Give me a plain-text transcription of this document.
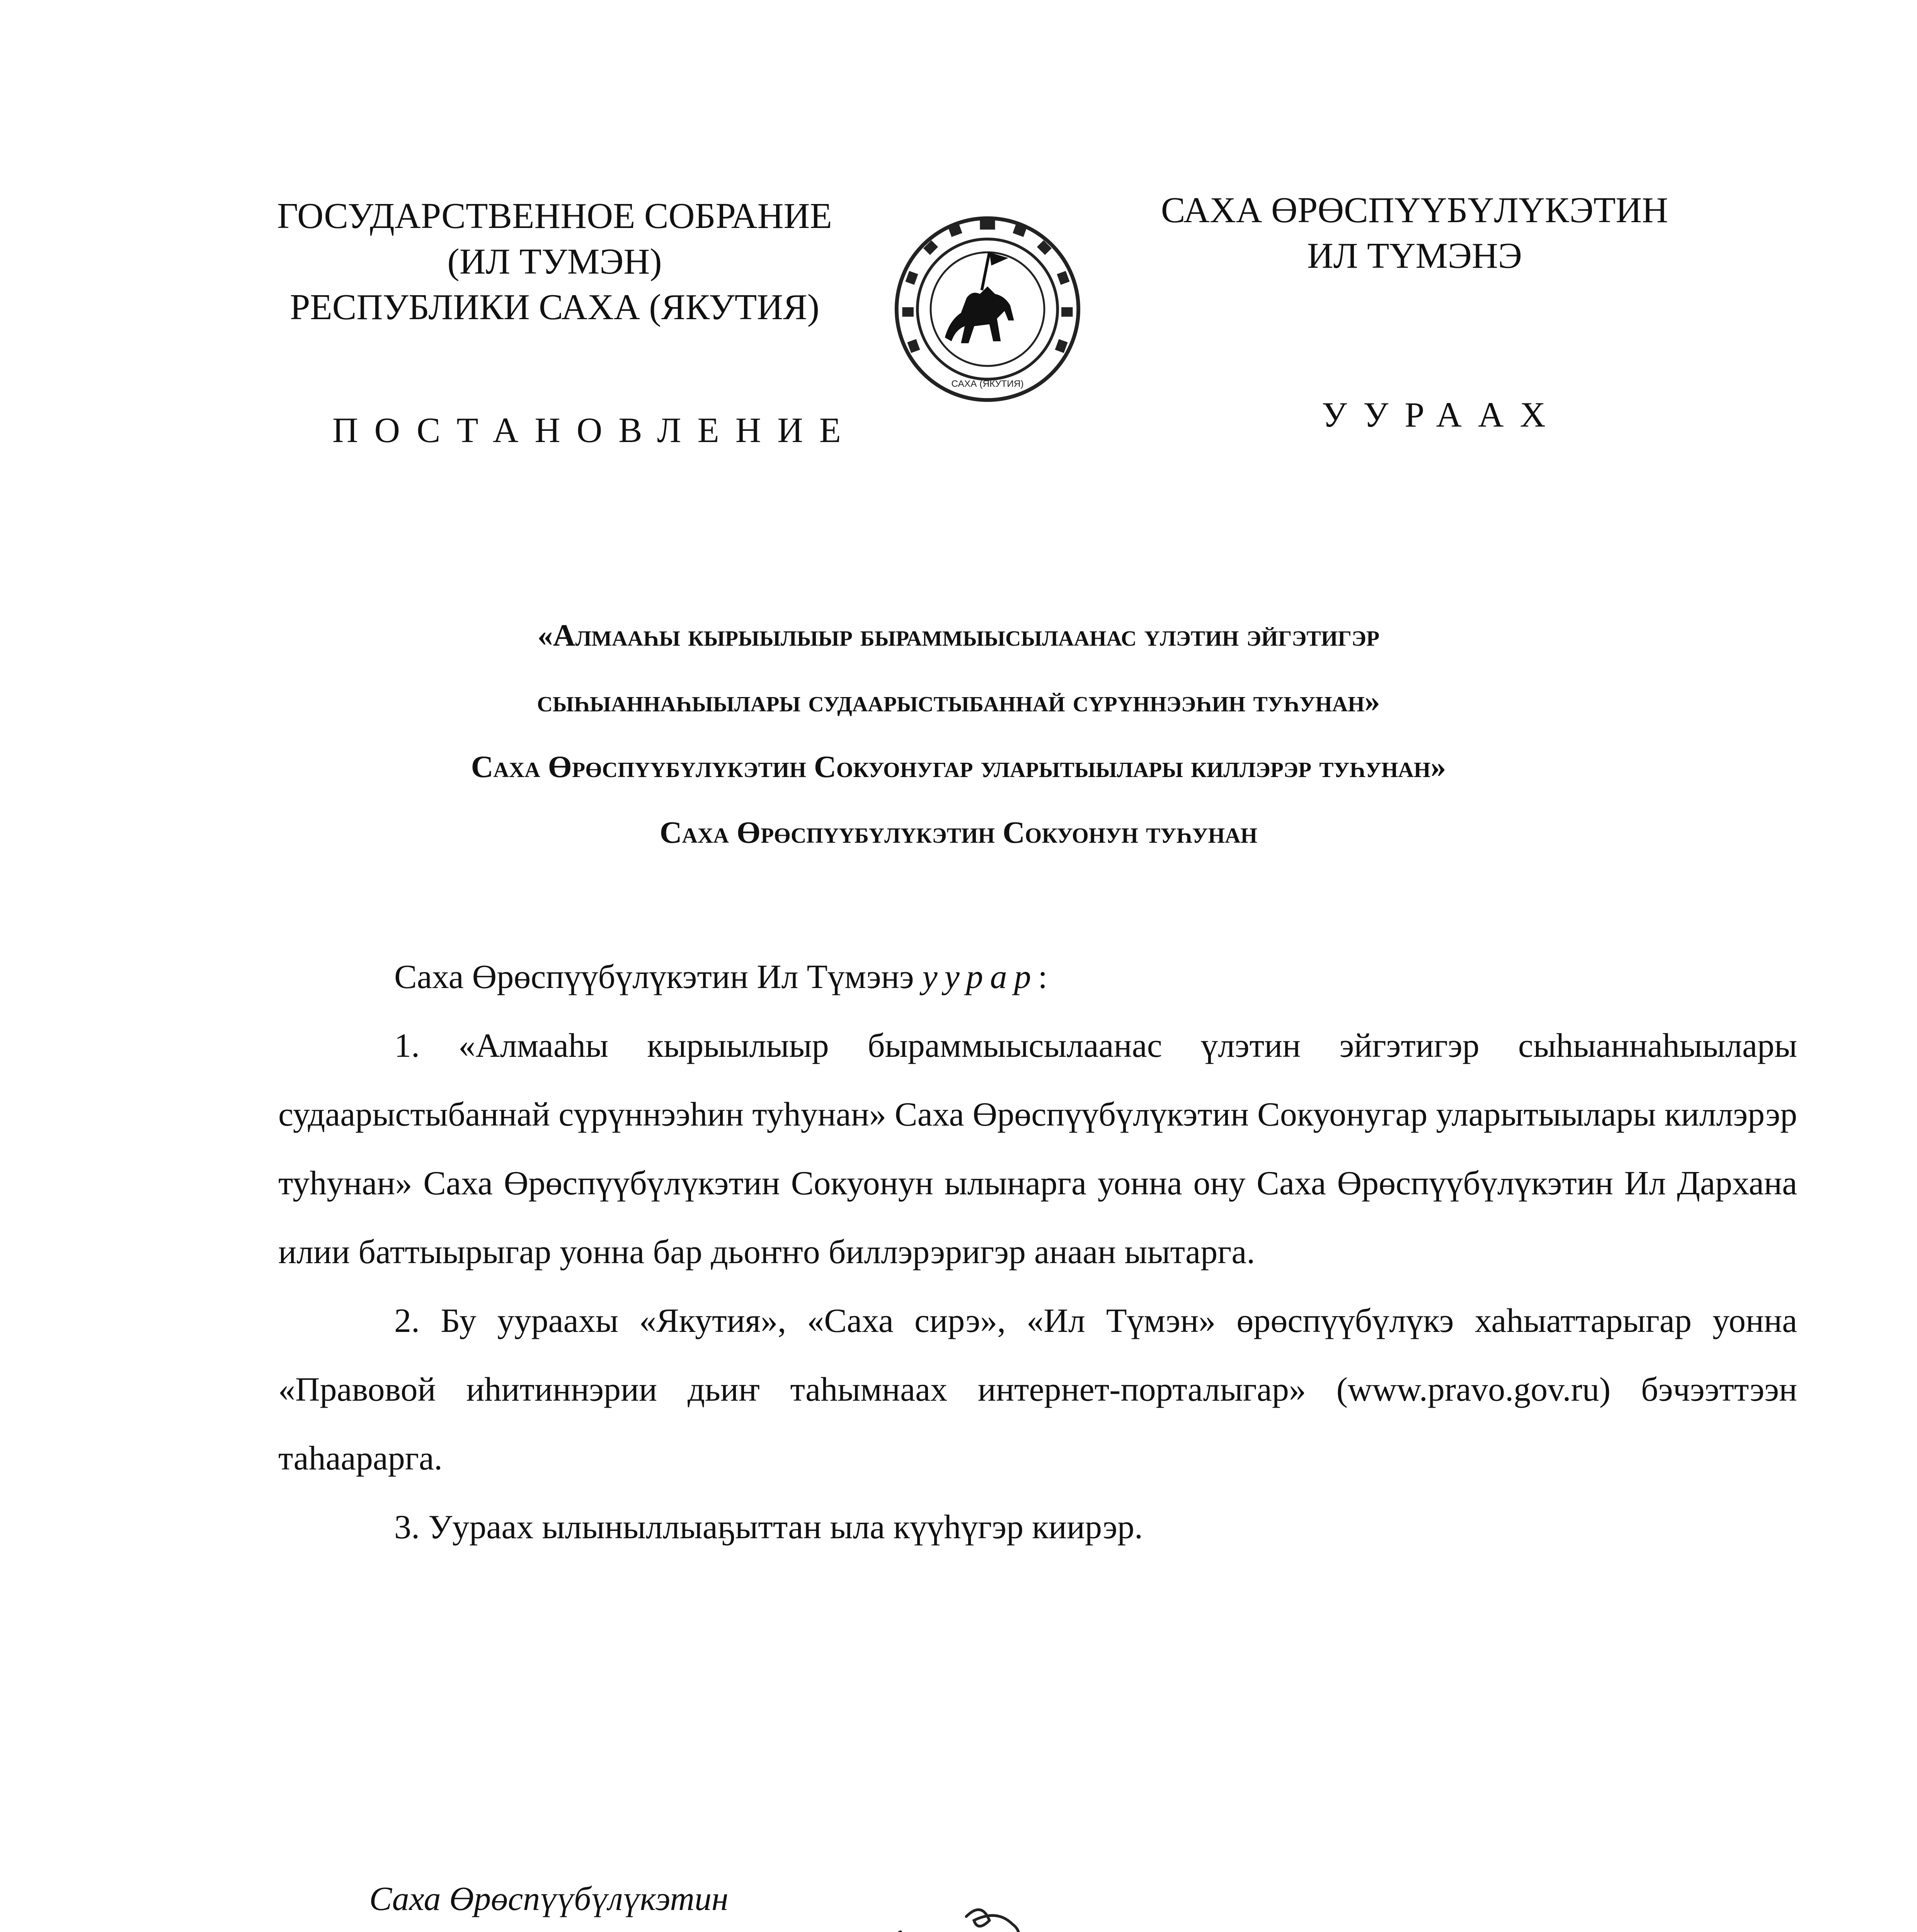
ГОСУДАРСТВЕННОЕ СОБРАНИЕ
(ИЛ ТУМЭН)
РЕСПУБЛИКИ САХА (ЯКУТИЯ)
САХА (ЯКУТИЯ)
САХА ӨРӨСПҮҮБҮЛҮКЭТИН
ИЛ ТҮМЭНЭ
ПОСТАНОВЛЕНИЕ	УУРААХ
«Алмааһы кырыылыыр быраммыысылаанас үлэтин эйгэтигэр
сыһыаннаһыылары судаарыстыбаннай сүрүннээһин туһунан»
Саха Өрөспүүбүлүкэтин Сокуонугар уларытыылары киллэрэр туһунан»
Саха Өрөспүүбүлүкэтин Сокуонун туһунан

Саха Өрөспүүбүлүкэтин Ил Түмэнэ уурар:

1. «Алмааһы кырыылыыр быраммыысылаанас үлэтин эйгэтигэр сыһыаннаһыылары судаарыстыбаннай сүрүннээһин туһунан» Саха Өрөспүүбүлүкэтин Сокуонугар уларытыылары киллэрэр туһунан» Саха Өрөспүүбүлүкэтин Сокуонун ылынарга уонна ону Саха Өрөспүүбүлүкэтин Ил Дархана илии баттыырыгар уонна бар дьоҥҥо биллэрэригэр анаан ыытарга.

2. Бу уураахы «Якутия», «Саха сирэ», «Ил Түмэн» өрөспүүбүлүкэ хаһыаттарыгар уонна «Правовой иһитиннэрии дьиҥ таһымнаах интернет-порталыгар» (www.pravo.gov.ru) бэчээттээн таһаарарга.

3. Уураах ылыныллыаҕыттан ыла күүһүгэр киирэр.

Саха Өрөспүүбүлүкэтин
